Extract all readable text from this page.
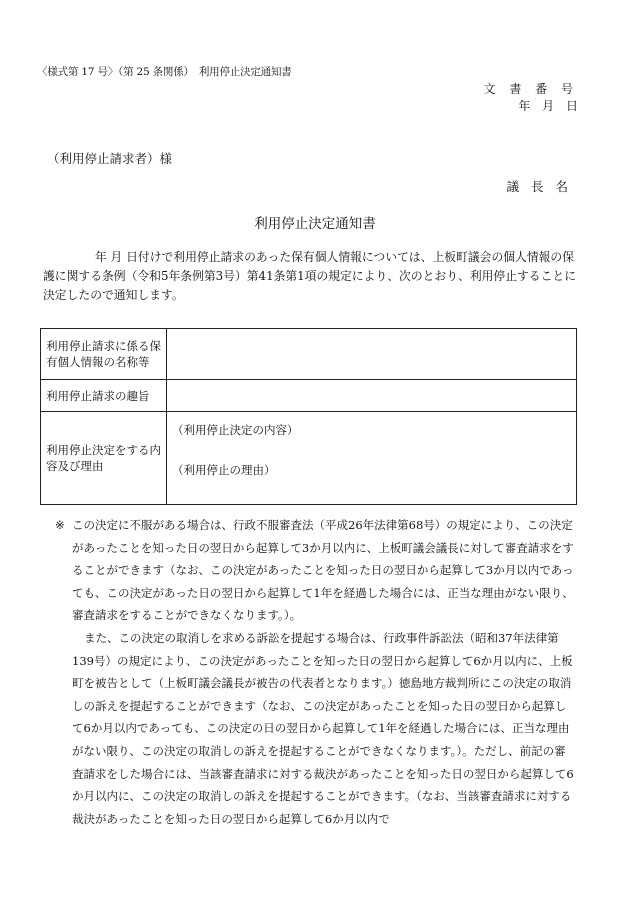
〈様式第 17 号〉（第 25 条関係）　利用停止決定通知書
文 書 番 号
年 月 日
（利用停止請求者）様
議 長 名
利用停止決定通知書
年 月 日付けで利用停止請求のあった保有個人情報については、上板町議会の個人情報の保護に関する条例（令和5年条例第3号）第41条第1項の規定により、次のとおり、利用停止することに決定したので通知します。
利用停止請求に係る保有個人情報の名称等	
利用停止請求の趣旨	
利用停止決定をする内容及び理由	（利用停止決定の内容）
（利用停止の理由）
※ この決定に不服がある場合は、行政不服審査法（平成26年法律第68号）の規定により、この決定があったことを知った日の翌日から起算して3か月以内に、上板町議会議長に対して審査請求をすることができます（なお、この決定があったことを知った日の翌日から起算して3か月以内であっても、この決定があった日の翌日から起算して1年を経過した場合には、正当な理由がない限り、審査請求をすることができなくなります。）。

また、この決定の取消しを求める訴訟を提起する場合は、行政事件訴訟法（昭和37年法律第139号）の規定により、この決定があったことを知った日の翌日から起算して6か月以内に、上板町を被告として（上板町議会議長が被告の代表者となります。）徳島地方裁判所にこの決定の取消しの訴えを提起することができます（なお、この決定があったことを知った日の翌日から起算して6か月以内であっても、この決定の日の翌日から起算して1年を経過した場合には、正当な理由がない限り、この決定の取消しの訴えを提起することができなくなります。）。ただし、前記の審査請求をした場合には、当該審査請求に対する裁決があったことを知った日の翌日から起算して6か月以内に、この決定の取消しの訴えを提起することができます。（なお、当該審査請求に対する裁決があったことを知った日の翌日から起算して6か月以内で
